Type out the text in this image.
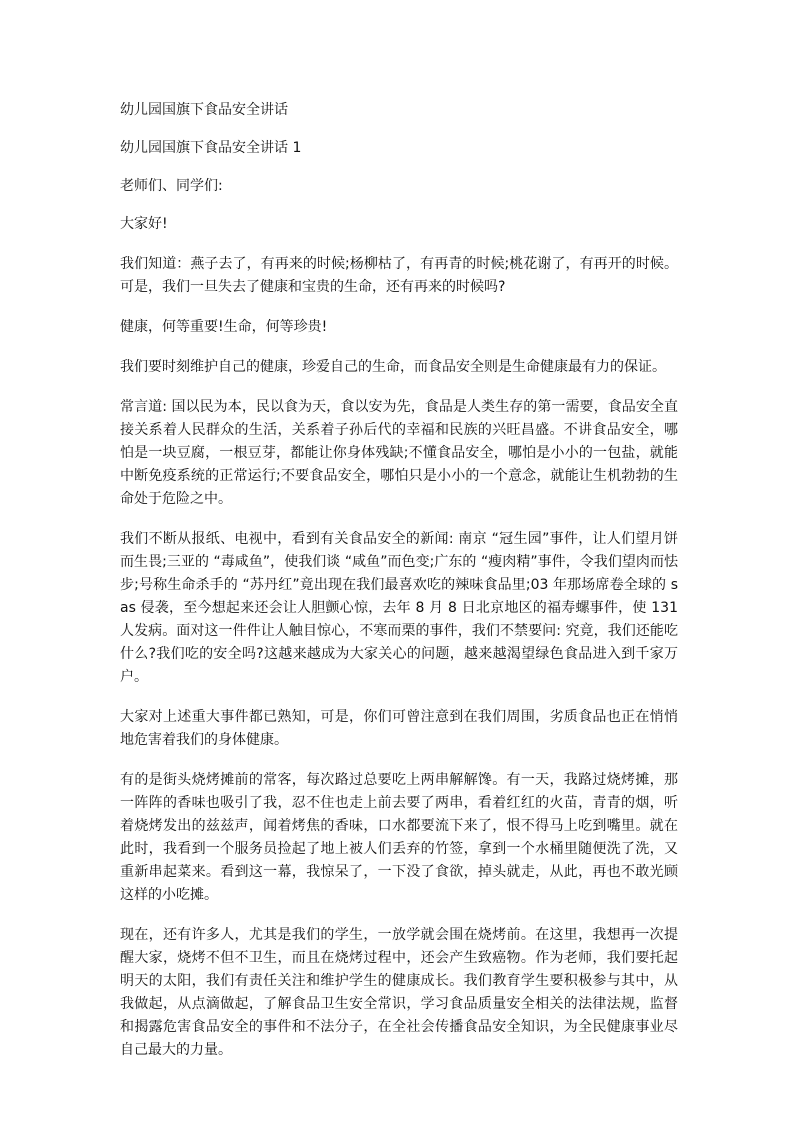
幼儿园国旗下食品安全讲话

幼儿园国旗下食品安全讲话 1

老师们、同学们:

大家好!

我们知道：燕子去了，有再来的时候;杨柳枯了，有再青的时候;桃花谢了，有再开的时候。可是，我们一旦失去了健康和宝贵的生命，还有再来的时候吗?

健康，何等重要!生命，何等珍贵!

我们要时刻维护自己的健康，珍爱自己的生命，而食品安全则是生命健康最有力的保证。

常言道: 国以民为本，民以食为天，食以安为先，食品是人类生存的第一需要，食品安全直接关系着人民群众的生活，关系着子孙后代的幸福和民族的兴旺昌盛。不讲食品安全，哪怕是一块豆腐，一根豆芽，都能让你身体残缺;不懂食品安全，哪怕是小小的一包盐，就能中断免疫系统的正常运行;不要食品安全，哪怕只是小小的一个意念，就能让生机勃勃的生命处于危险之中。

我们不断从报纸、电视中，看到有关食品安全的新闻: 南京 “冠生园”事件，让人们望月饼而生畏;三亚的 “毒咸鱼”，使我们谈 “咸鱼”而色变;广东的 “瘦肉精”事件，令我们望肉而怯步;号称生命杀手的 “苏丹红”竟出现在我们最喜欢吃的辣味食品里;03 年那场席卷全球的 sas 侵袭，至今想起来还会让人胆颤心惊，去年 8 月 8 日北京地区的福寿螺事件，使 131 人发病。面对这一件件让人触目惊心，不寒而栗的事件，我们不禁要问: 究竟，我们还能吃什么?我们吃的安全吗?这越来越成为大家关心的问题，越来越渴望绿色食品进入到千家万户。

大家对上述重大事件都已熟知，可是，你们可曾注意到在我们周围，劣质食品也正在悄悄地危害着我们的身体健康。

有的是街头烧烤摊前的常客，每次路过总要吃上两串解解馋。有一天，我路过烧烤摊，那一阵阵的香味也吸引了我，忍不住也走上前去要了两串，看着红红的火苗，青青的烟，听着烧烤发出的兹兹声，闻着烤焦的香味，口水都要流下来了，恨不得马上吃到嘴里。就在此时，我看到一个服务员捡起了地上被人们丢弃的竹签，拿到一个水桶里随便洗了洗，又重新串起菜来。看到这一幕，我惊呆了，一下没了食欲，掉头就走，从此，再也不敢光顾这样的小吃摊。

现在，还有许多人，尤其是我们的学生，一放学就会围在烧烤前。在这里，我想再一次提醒大家，烧烤不但不卫生，而且在烧烤过程中，还会产生致癌物。作为老师，我们要托起明天的太阳，我们有责任关注和维护学生的健康成长。我们教育学生要积极参与其中，从我做起，从点滴做起，了解食品卫生安全常识，学习食品质量安全相关的法律法规，监督和揭露危害食品安全的事件和不法分子，在全社会传播食品安全知识，为全民健康事业尽自己最大的力量。
